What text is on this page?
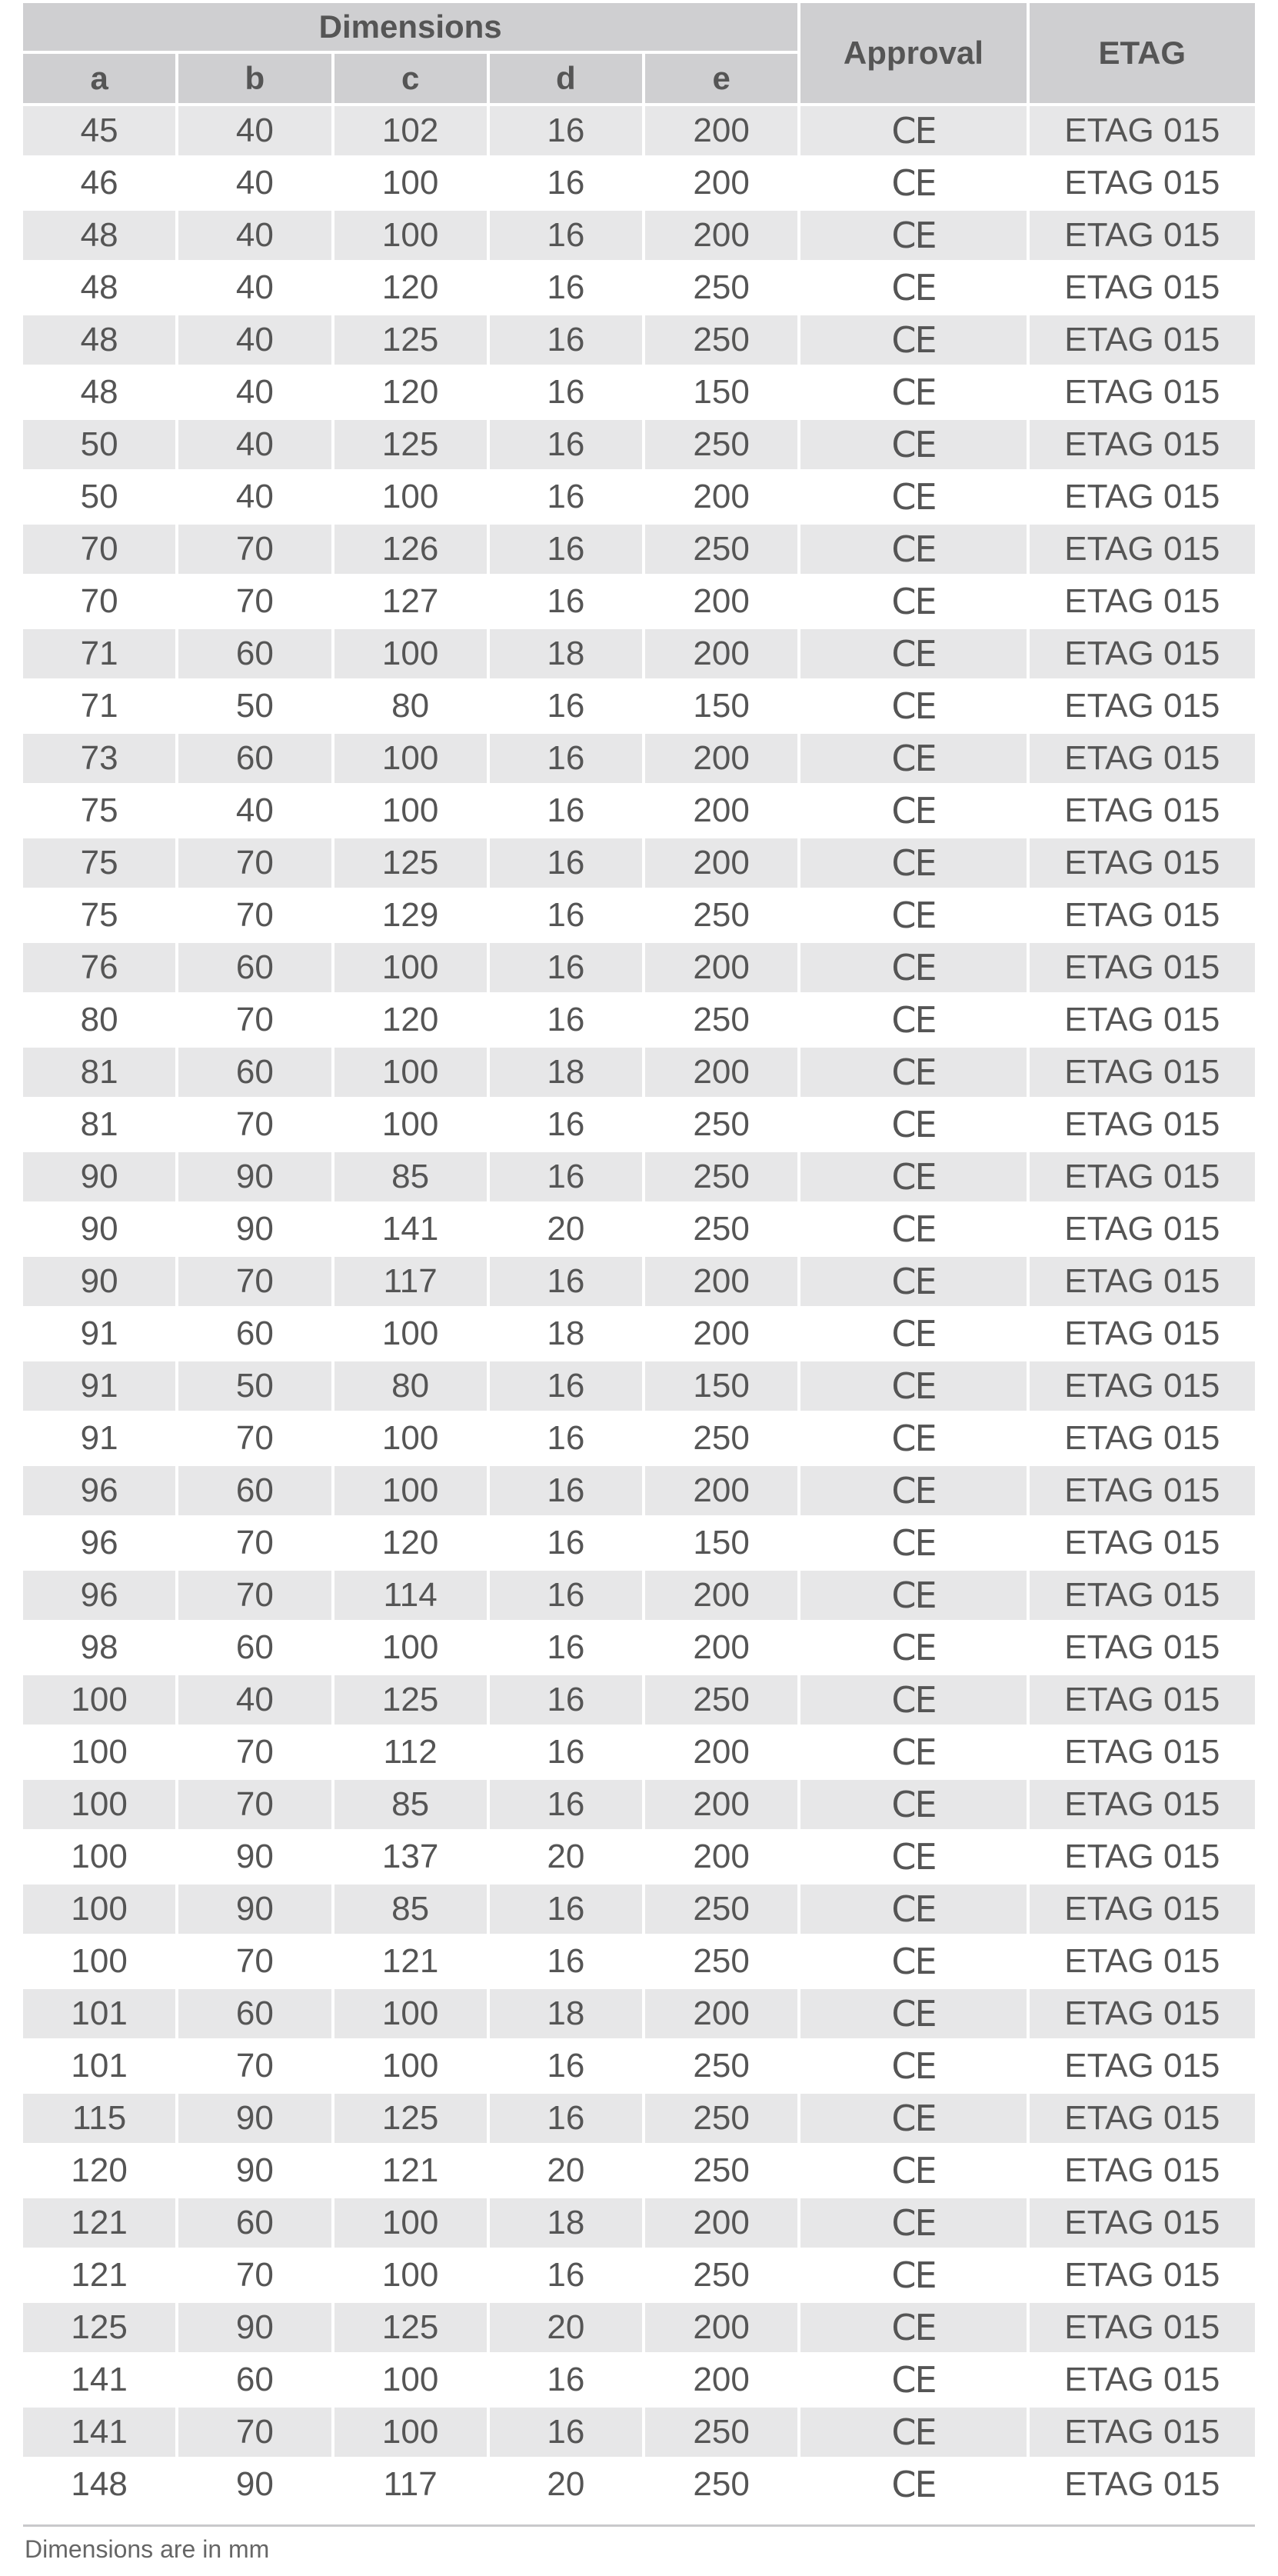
Dimensions					Approval	ETAG
a	b	c	d	e		
45	40	102	16	200	CE	ETAG 015
46	40	100	16	200	CE	ETAG 015
48	40	100	16	200	CE	ETAG 015
48	40	120	16	250	CE	ETAG 015
48	40	125	16	250	CE	ETAG 015
48	40	120	16	150	CE	ETAG 015
50	40	125	16	250	CE	ETAG 015
50	40	100	16	200	CE	ETAG 015
70	70	126	16	250	CE	ETAG 015
70	70	127	16	200	CE	ETAG 015
71	60	100	18	200	CE	ETAG 015
71	50	80	16	150	CE	ETAG 015
73	60	100	16	200	CE	ETAG 015
75	40	100	16	200	CE	ETAG 015
75	70	125	16	200	CE	ETAG 015
75	70	129	16	250	CE	ETAG 015
76	60	100	16	200	CE	ETAG 015
80	70	120	16	250	CE	ETAG 015
81	60	100	18	200	CE	ETAG 015
81	70	100	16	250	CE	ETAG 015
90	90	85	16	250	CE	ETAG 015
90	90	141	20	250	CE	ETAG 015
90	70	117	16	200	CE	ETAG 015
91	60	100	18	200	CE	ETAG 015
91	50	80	16	150	CE	ETAG 015
91	70	100	16	250	CE	ETAG 015
96	60	100	16	200	CE	ETAG 015
96	70	120	16	150	CE	ETAG 015
96	70	114	16	200	CE	ETAG 015
98	60	100	16	200	CE	ETAG 015
100	40	125	16	250	CE	ETAG 015
100	70	112	16	200	CE	ETAG 015
100	70	85	16	200	CE	ETAG 015
100	90	137	20	200	CE	ETAG 015
100	90	85	16	250	CE	ETAG 015
100	70	121	16	250	CE	ETAG 015
101	60	100	18	200	CE	ETAG 015
101	70	100	16	250	CE	ETAG 015
115	90	125	16	250	CE	ETAG 015
120	90	121	20	250	CE	ETAG 015
121	60	100	18	200	CE	ETAG 015
121	70	100	16	250	CE	ETAG 015
125	90	125	20	200	CE	ETAG 015
141	60	100	16	200	CE	ETAG 015
141	70	100	16	250	CE	ETAG 015
148	90	117	20	250	CE	ETAG 015
Dimensions are in mm
